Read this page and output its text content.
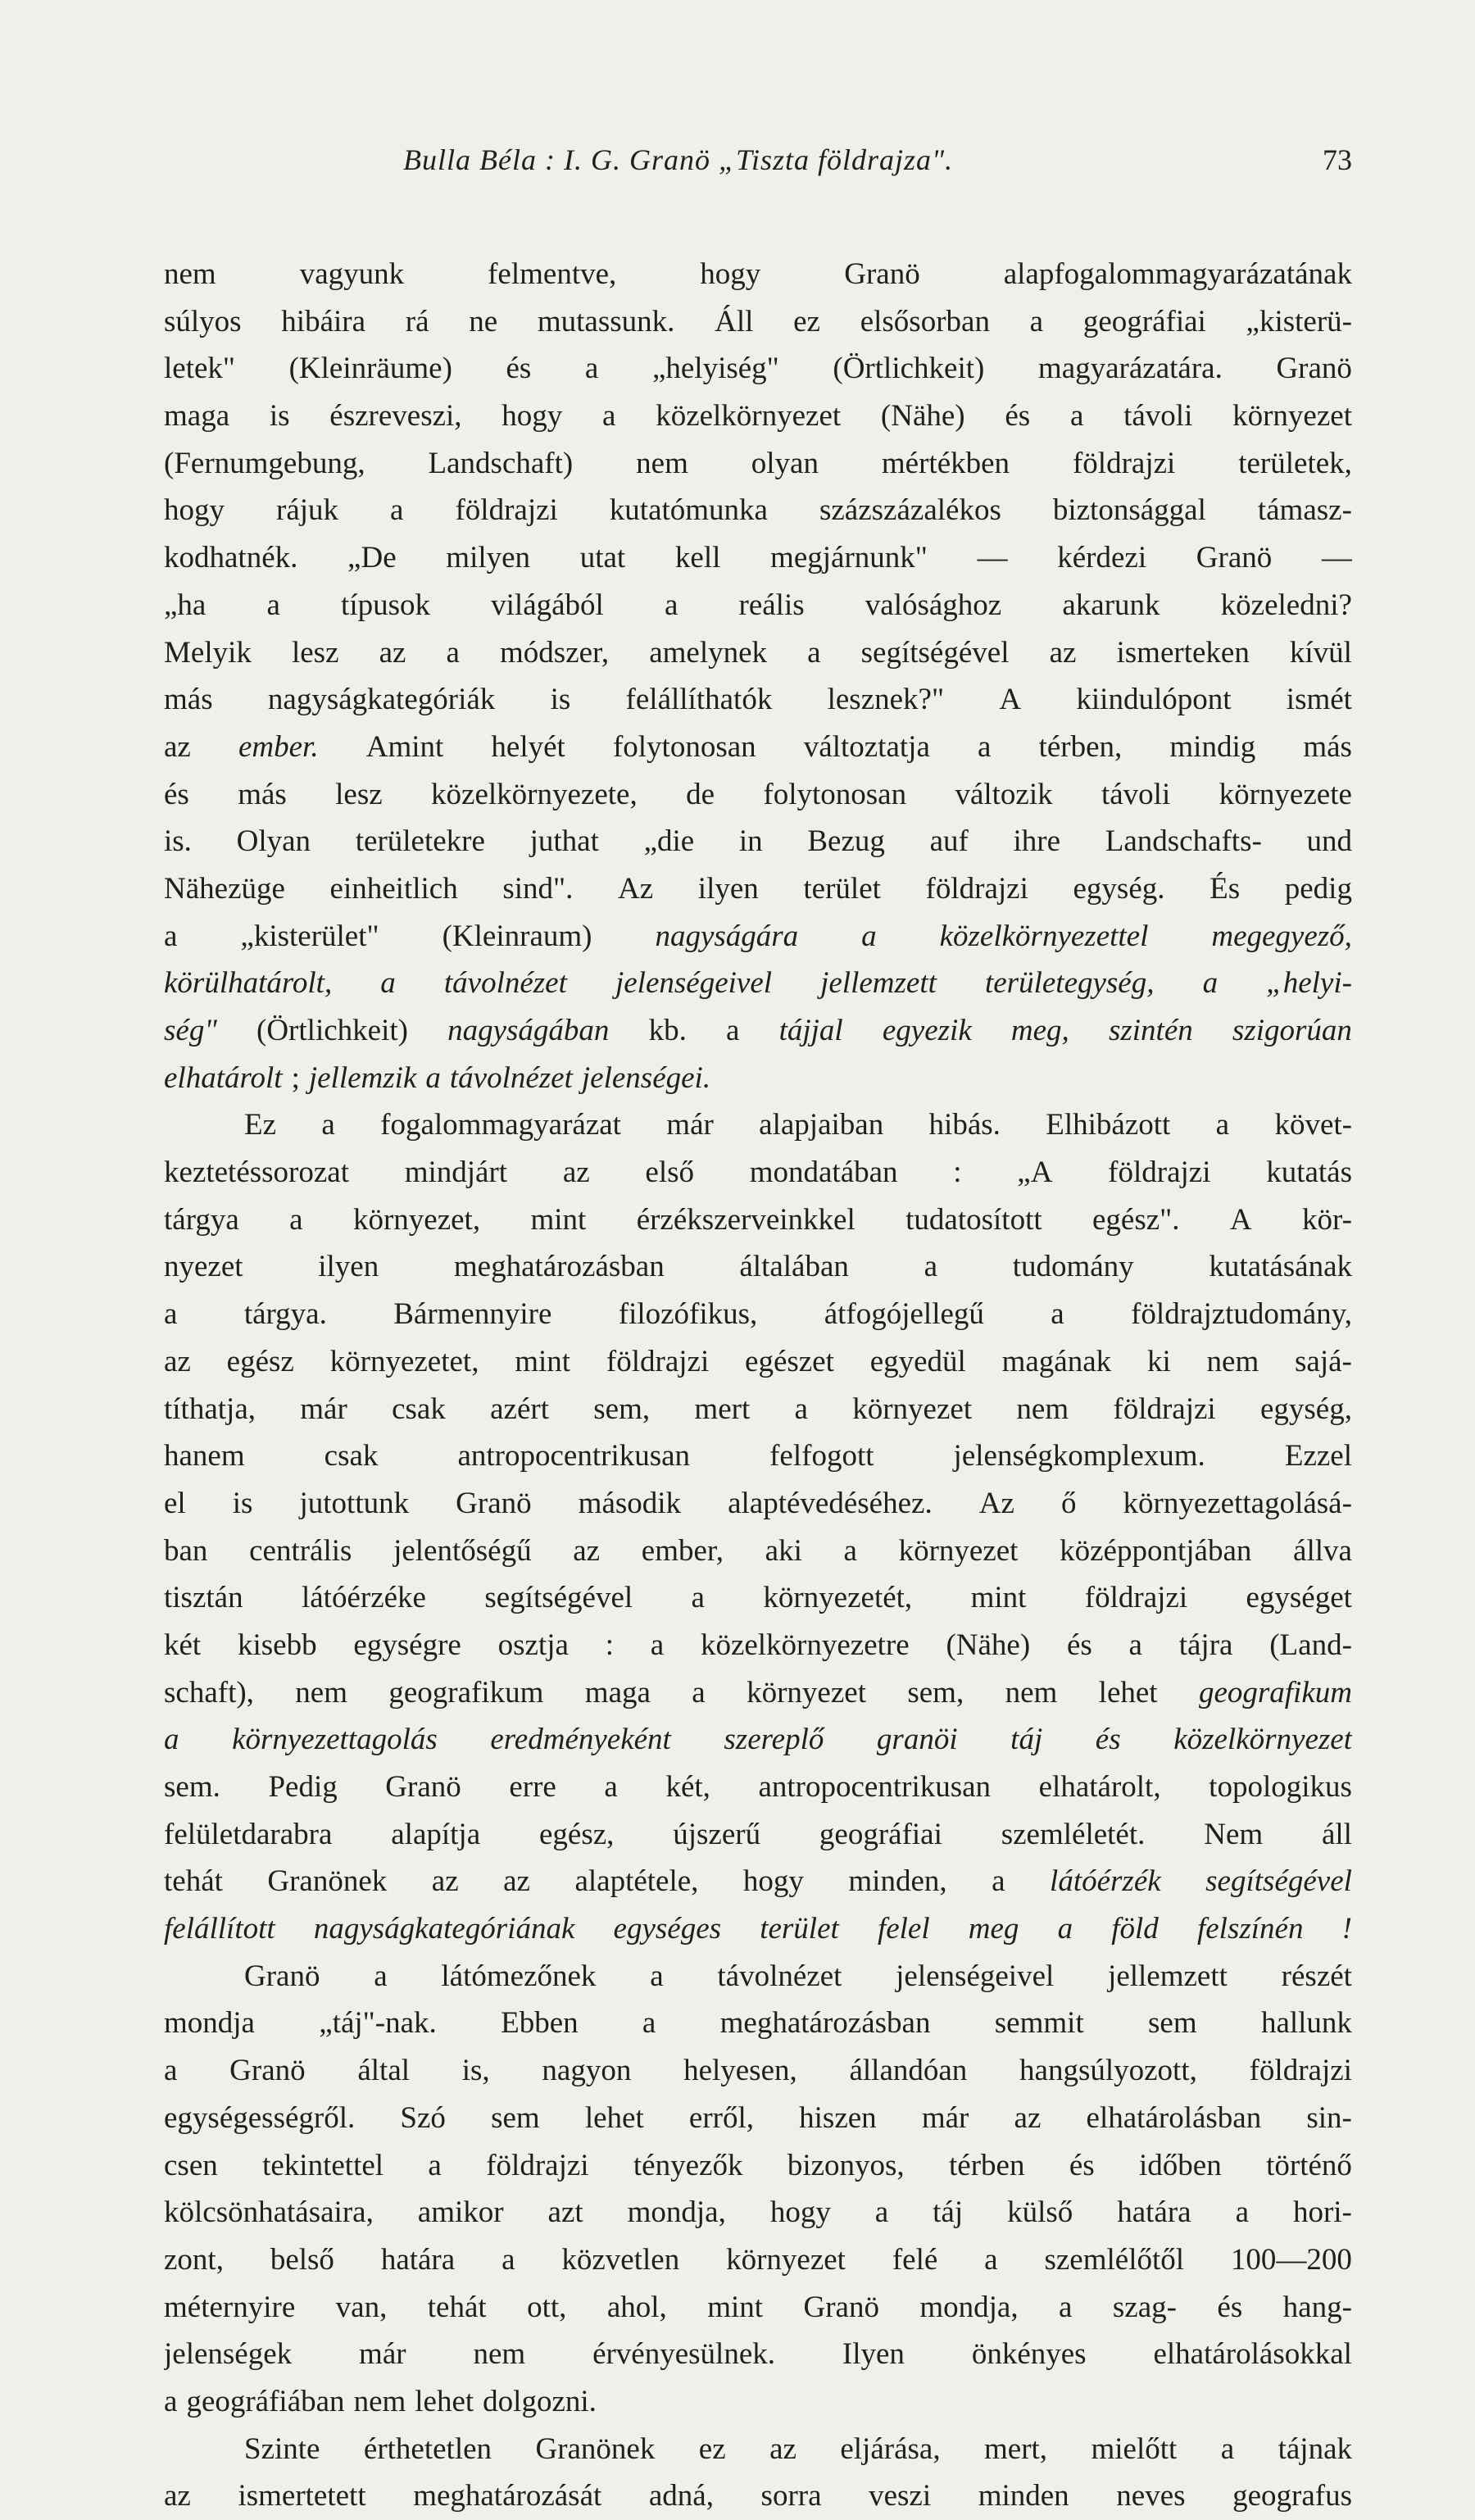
Bulla Béla : I. G. Granö „Tiszta földrajza".	73
nem	vagyunk	felmentve,	hogy	Granö	alapfogalommagyarázatának
súlyos hibáira rá ne mutassunk. Áll ez elsősorban a geográfiai „kisterü-
letek" (Kleinräume) és a „helyiség" (Örtlichkeit) magyarázatára. Granö
maga is észreveszi, hogy a közelkörnyezet (Nähe) és a távoli környezet
(Fernumgebung, Landschaft) nem olyan mértékben földrajzi területek,
hogy rájuk a földrajzi kutatómunka százszázalékos biztonsággal támasz-
kodhatnék. „De milyen utat kell megjárnunk" — kérdezi Granö —
„ha a típusok világából a reális valósághoz akarunk közeledni?
Melyik lesz az a módszer, amelynek a segítségével az ismerteken kívül
más nagyságkategóriák is felállíthatók lesznek?" A kiindulópont ismét
az ember. Amint helyét folytonosan változtatja a térben, mindig más
és más lesz közelkörnyezete, de folytonosan változik távoli környezete
is. Olyan területekre juthat „die in Bezug auf ihre Landschafts- und
Nähezüge einheitlich sind". Az ilyen terület földrajzi egység. És pedig
a „kisterület" (Kleinraum) nagyságára a közelkörnyezettel megegyező,
körülhatárolt, a távolnézet jelenségeivel jellemzett területegység, a „helyi-
ség" (Örtlichkeit) nagyságában kb. a tájjal egyezik meg, szintén szigorúan
elhatárolt ; jellemzik a távolnézet jelenségei.
Ez a fogalommagyarázat már alapjaiban hibás. Elhibázott a követ-
keztetéssorozat mindjárt az első mondatában : „A földrajzi kutatás
tárgya a környezet, mint érzékszerveinkkel tudatosított egész". A kör-
nyezet ilyen meghatározásban általában a tudomány kutatásának
a tárgya. Bármennyire filozófikus, átfogójellegű a földrajztudomány,
az egész környezetet, mint földrajzi egészet egyedül magának ki nem sajá-
títhatja, már csak azért sem, mert a környezet nem földrajzi egység,
hanem	csak	antropocentrikusan	felfogott	jelenségkomplexum.	Ezzel
el is jutottunk Granö második alaptévedéséhez. Az ő környezettagolásá-
ban centrális jelentőségű az ember, aki a környezet középpontjában állva
tisztán látóérzéke segítségével a környezetét, mint földrajzi egységet
két kisebb egységre osztja : a közelkörnyezetre (Nähe) és a tájra (Land-
schaft), nem geografikum maga a környezet sem, nem lehet geografikum
a környezettagolás eredményeként szereplő granöi táj és közelkörnyezet
sem. Pedig Granö erre a két, antropocentrikusan elhatárolt, topologikus
felületdarabra alapítja egész, újszerű geográfiai szemléletét. Nem áll
tehát Granönek az az alaptétele, hogy minden, a látóérzék segítségével
felállított nagyságkategóriának egységes terület felel meg a föld felszínén !
Granö a látómezőnek a távolnézet jelenségeivel jellemzett részét
mondja „táj"-nak. Ebben a meghatározásban semmit sem hallunk
a Granö által is, nagyon helyesen, állandóan hangsúlyozott, földrajzi
egységességről. Szó sem lehet erről, hiszen már az elhatárolásban sin-
csen tekintettel a földrajzi tényezők bizonyos, térben és időben történő
kölcsönhatásaira, amikor azt mondja, hogy a táj külső határa a hori-
zont, belső határa a közvetlen környezet felé a szemlélőtől 100—200
méternyire van, tehát ott, ahol, mint Granö mondja, a szag- és hang-
jelenségek már nem érvényesülnek. Ilyen önkényes elhatárolásokkal
a geográfiában nem lehet dolgozni.
Szinte érthetetlen Granönek ez az eljárása, mert, mielőtt a tájnak
az ismertetett meghatározását adná, sorra veszi minden neves geografus
